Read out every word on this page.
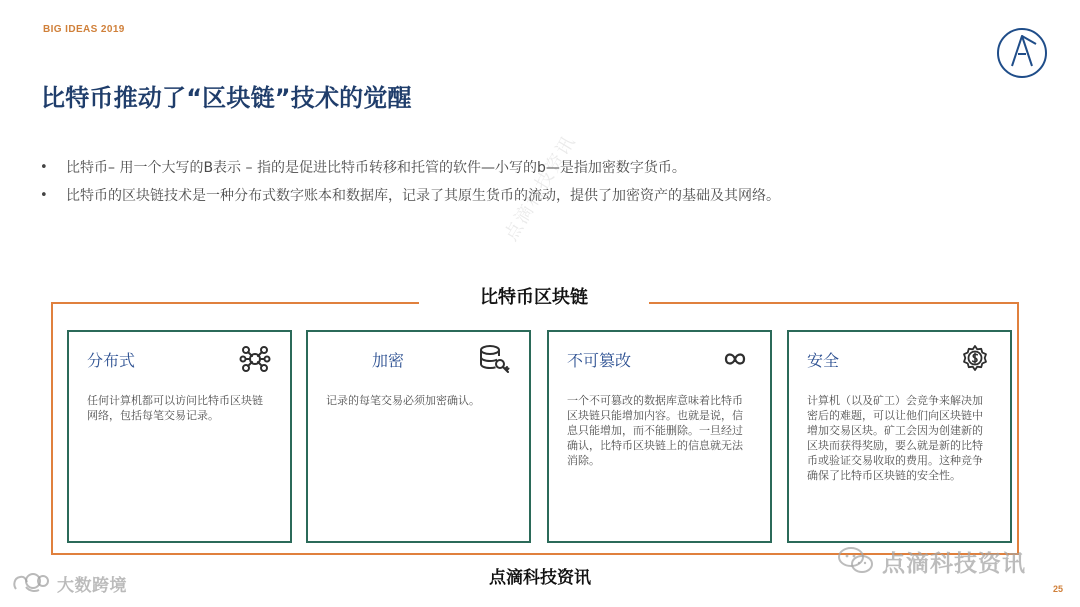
BIG IDEAS 2019
比特币推动了“区块链”技术的觉醒
•	比特币– 用一个大写的B表示 – 指的是促进比特币转移和托管的软件—小写的b—是指加密数字货币。
•	比特币的区块链技术是一种分布式数字账本和数据库，记录了其原生货币的流动，提供了加密资产的基础及其网络。
点滴科技资讯
比特币区块链
分布式
任何计算机都可以访问比特币区块链网络，包括每笔交易记录。
加密
记录的每笔交易必须加密确认。
不可篡改
一个不可篡改的数据库意味着比特币区块链只能增加内容。也就是说，信息只能增加，而不能删除。一旦经过确认，比特币区块链上的信息就无法消除。
安全
计算机（以及矿工）会竞争来解决加密后的难题，可以让他们向区块链中增加交易区块。矿工会因为创建新的区块而获得奖励，要么就是新的比特币或验证交易收取的费用。这种竞争确保了比特币区块链的安全性。
点滴科技资讯
点滴科技资讯
大数跨境	25
